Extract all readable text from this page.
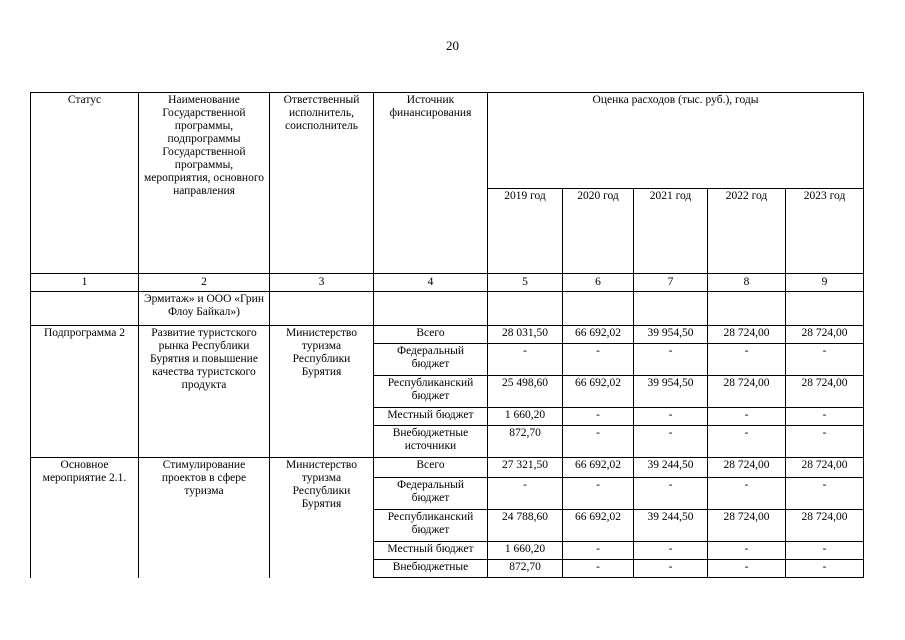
20
Статус	Наименование Государственной программы, подпрограммы Государственной программы, мероприятия, основного направления	Ответственный исполнитель, соисполнитель	Источник финансирования	Оценка расходов (тыс. руб.), годы				
				2019 год	2020 год	2021 год	2022 год	2023 год
1	2	3	4	5	6	7	8	9
	Эрмитаж» и ООО «Грин Флоу Байкал»)							
Подпрограмма 2	Развитие туристского рынка Республики Бурятия и повышение качества туристского продукта	Министерство туризма Республики Бурятия	Всего	28 031,50	66 692,02	39 954,50	28 724,00	28 724,00
			Федеральный бюджет	-	-	-	-	-
			Республиканский бюджет	25 498,60	66 692,02	39 954,50	28 724,00	28 724,00
			Местный бюджет	1 660,20	-	-	-	-
			Внебюджетные источники	872,70	-	-	-	-
Основное мероприятие 2.1.	Стимулирование проектов в сфере туризма	Министерство туризма Республики Бурятия	Всего	27 321,50	66 692,02	39 244,50	28 724,00	28 724,00
			Федеральный бюджет	-	-	-	-	-
			Республиканский бюджет	24 788,60	66 692,02	39 244,50	28 724,00	28 724,00
			Местный бюджет	1 660,20	-	-	-	-
			Внебюджетные	872,70	-	-	-	-
